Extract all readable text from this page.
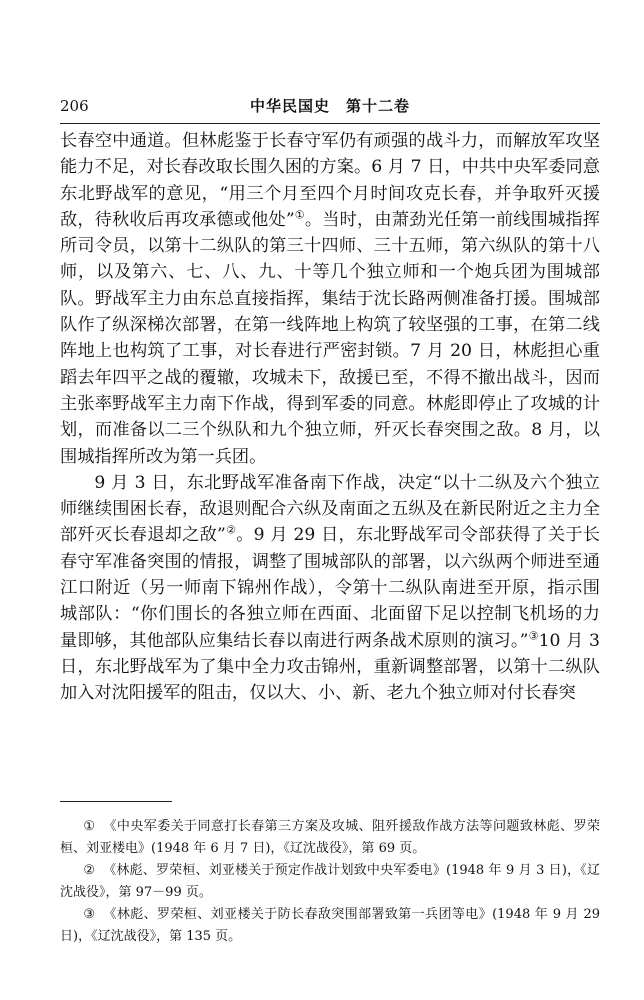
206	中华民国史　第十二卷

长春空中通道。但林彪鉴于长春守军仍有顽强的战斗力，而解放军攻坚能力不足，对长春改取长围久困的方案。6 月 7 日，中共中央军委同意东北野战军的意见，“用三个月至四个月时间攻克长春，并争取歼灭援敌，待秋收后再攻承德或他处”①。当时，由萧劲光任第一前线围城指挥所司令员，以第十二纵队的第三十四师、三十五师，第六纵队的第十八师，以及第六、七、八、九、十等几个独立师和一个炮兵团为围城部队。野战军主力由东总直接指挥，集结于沈长路两侧准备打援。围城部队作了纵深梯次部署，在第一线阵地上构筑了较坚强的工事，在第二线阵地上也构筑了工事，对长春进行严密封锁。7 月 20 日，林彪担心重蹈去年四平之战的覆辙，攻城未下，敌援已至，不得不撤出战斗，因而主张率野战军主力南下作战，得到军委的同意。林彪即停止了攻城的计划，而准备以二三个纵队和九个独立师，歼灭长春突围之敌。8 月，以围城指挥所改为第一兵团。

9 月 3 日，东北野战军准备南下作战，决定“以十二纵及六个独立师继续围困长春，敌退则配合六纵及南面之五纵及在新民附近之主力全部歼灭长春退却之敌”②。9 月 29 日，东北野战军司令部获得了关于长春守军准备突围的情报，调整了围城部队的部署，以六纵两个师进至通江口附近（另一师南下锦州作战），令第十二纵队南进至开原，指示围城部队：“你们围长的各独立师在西面、北面留下足以控制飞机场的力量即够，其他部队应集结长春以南进行两条战术原则的演习。”③10 月 3 日，东北野战军为了集中全力攻击锦州，重新调整部署，以第十二纵队加入对沈阳援军的阻击，仅以大、小、新、老九个独立师对付长春突

① 《中央军委关于同意打长春第三方案及攻城、阻歼援敌作战方法等问题致林彪、罗荣桓、刘亚楼电》(1948 年 6 月 7 日)，《辽沈战役》，第 69 页。

② 《林彪、罗荣桓、刘亚楼关于预定作战计划致中央军委电》(1948 年 9 月 3 日)，《辽沈战役》，第 97－99 页。

③ 《林彪、罗荣桓、刘亚楼关于防长春敌突围部署致第一兵团等电》(1948 年 9 月 29 日)，《辽沈战役》，第 135 页。
